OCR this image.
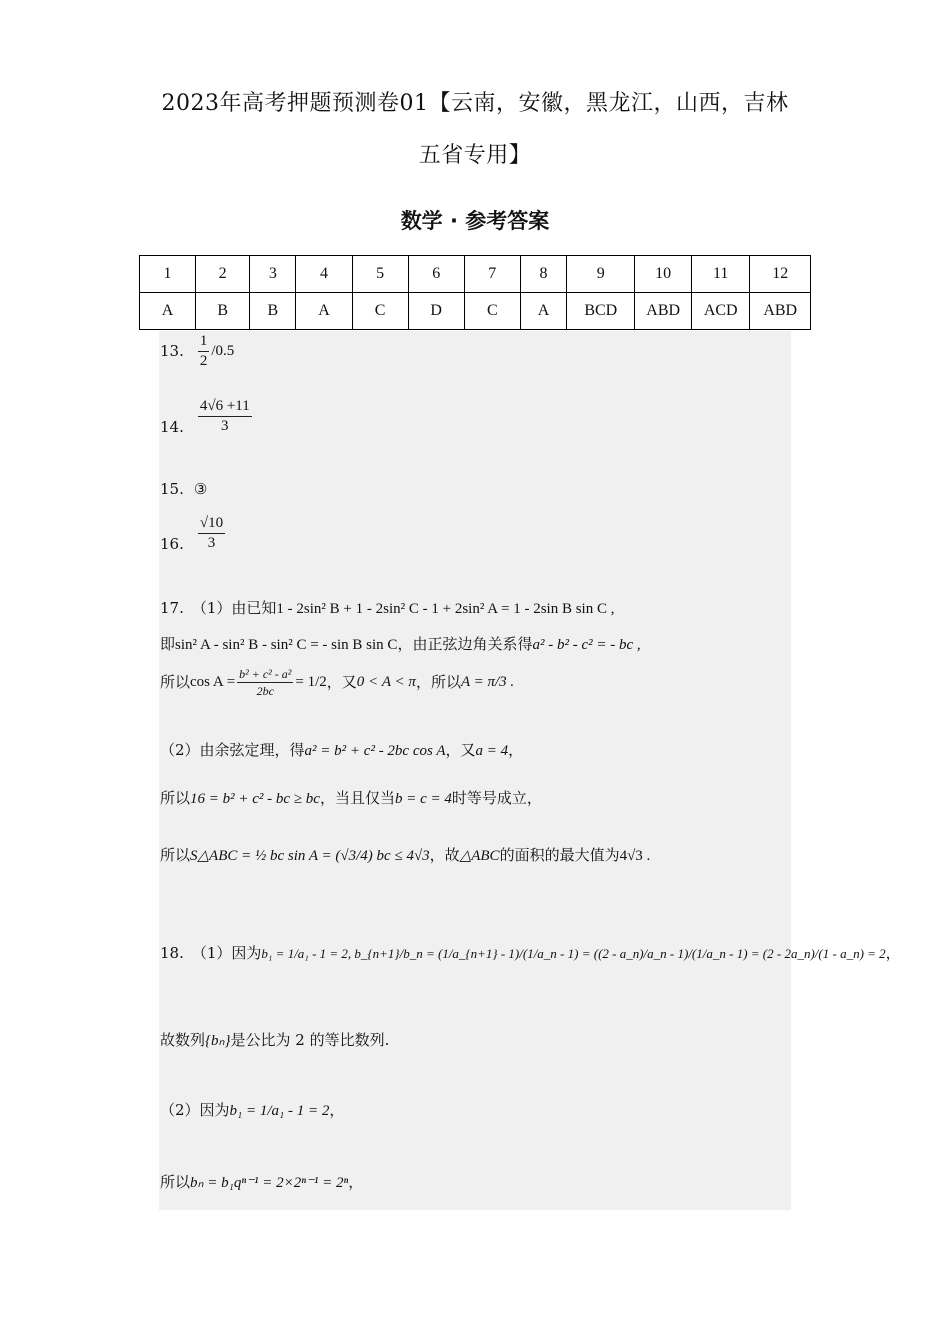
2023年高考押题预测卷01【云南，安徽，黑龙江，山西，吉林
五省专用】
数学 · 参考答案
1	2	3	4	5	6	7	8	9	10	11	12
A	B	B	A	C	D	C	A	BCD	ABD	ACD	ABD
13. $\frac{1}{2} /0.5$
14. $\frac{4√6 +11}{3}$
15. ③
16. $\frac{√10}{3}$
17. （1）由已知1 - 2sin² B + 1 - 2sin² C - 1 + 2sin² A = 1 - 2sin B sin C ,
即sin² A - sin² B - sin² C = - sin B sin C，由正弦边角关系得a² - b² - c² = - bc ,
所以$\cos A = \frac{\text{b² + c² - a²}}{2bc} = 1/2$，又0 < A < π，所以A = π/3 .
（2）由余弦定理，得a² = b² + c² - 2bc cos A，又a = 4，
所以16 = b² + c² - bc ≥ bc，当且仅当b = c = 4时等号成立，
所以S△ABC = ½ bc sin A = (√3/4) bc ≤ 4√3，故△ABC的面积的最大值为4√3 .
18. （1）因为b₁ = 1/a₁ - 1 = 2, b_{n+1}/b_n = (1/a_{n+1} - 1)/(1/a_n - 1) = ((2 - a_n)/a_n - 1)/(1/a_n - 1) = (2 - 2a_n)/(1 - a_n) = 2，
故数列{bₙ}是公比为 2 的等比数列.
（2）因为b₁ = 1/a₁ - 1 = 2，
所以bₙ = b₁qⁿ⁻¹ = 2×2ⁿ⁻¹ = 2ⁿ，
